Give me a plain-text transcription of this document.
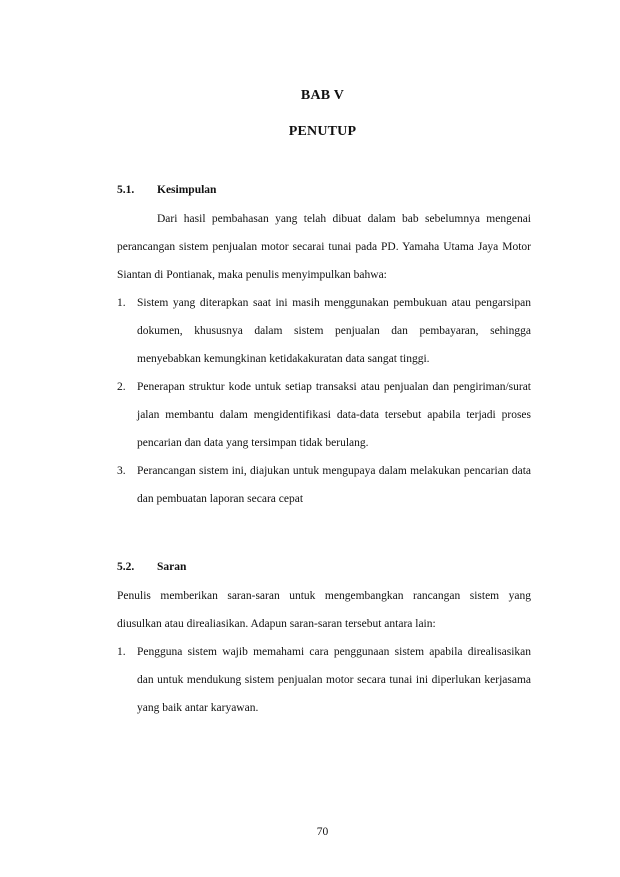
BAB V
PENUTUP
5.1. Kesimpulan
Dari hasil pembahasan yang telah dibuat dalam bab sebelumnya mengenai perancangan sistem penjualan motor secarai tunai pada PD. Yamaha Utama Jaya Motor Siantan di Pontianak, maka penulis menyimpulkan bahwa:
1. Sistem yang diterapkan saat ini masih menggunakan pembukuan atau pengarsipan dokumen, khususnya dalam sistem penjualan dan pembayaran, sehingga menyebabkan kemungkinan ketidakakuratan data sangat tinggi.
2. Penerapan struktur kode untuk setiap transaksi atau penjualan dan pengiriman/surat jalan membantu dalam mengidentifikasi data-data tersebut apabila terjadi proses pencarian dan data yang tersimpan tidak berulang.
3. Perancangan sistem ini, diajukan untuk mengupaya dalam melakukan pencarian data dan pembuatan laporan secara cepat
5.2. Saran
Penulis memberikan saran-saran untuk mengembangkan rancangan sistem yang diusulkan atau direaliasikan. Adapun saran-saran tersebut antara lain:
1. Pengguna sistem wajib memahami cara penggunaan sistem apabila direalisasikan dan untuk mendukung sistem penjualan motor secara tunai ini diperlukan kerjasama yang baik antar karyawan.
70
